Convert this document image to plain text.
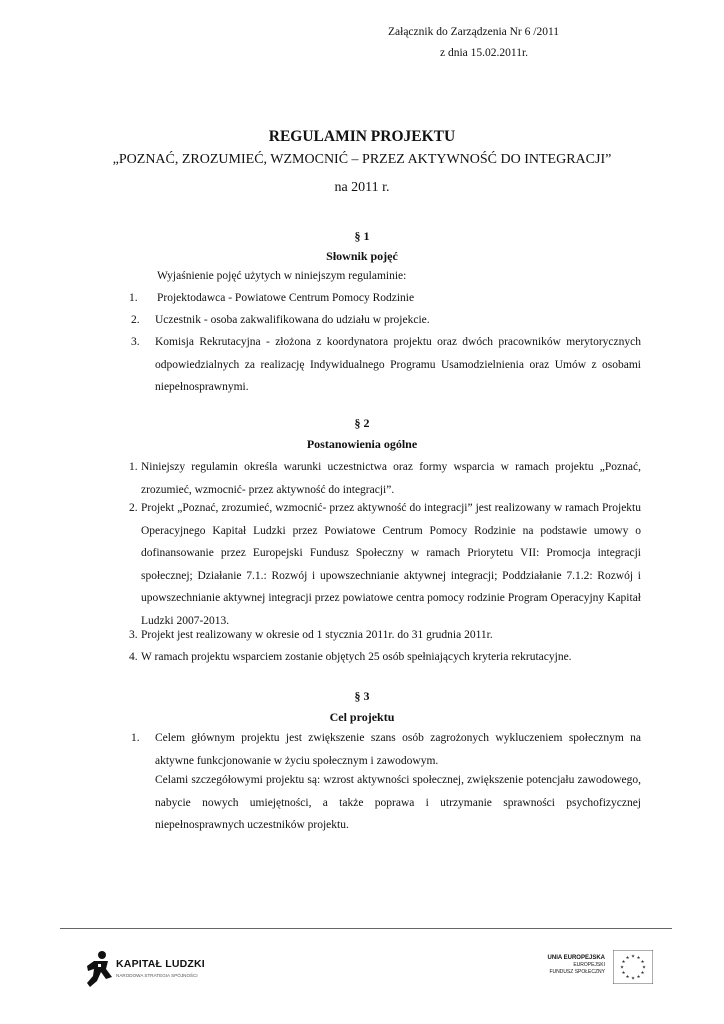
Załącznik do Zarządzenia Nr 6 /2011
z dnia 15.02.2011r.
REGULAMIN PROJEKTU
„POZNAĆ, ZROZUMIEĆ, WZMOCNIĆ – PRZEZ AKTYWNOŚĆ DO INTEGRACJI”
na 2011 r.
§ 1
Słownik pojęć
Wyjaśnienie pojęć użytych w niniejszym regulaminie:
1. Projektodawca - Powiatowe Centrum Pomocy Rodzinie
2. Uczestnik - osoba zakwalifikowana do udziału w projekcie.
3. Komisja Rekrutacyjna - złożona z koordynatora projektu oraz dwóch pracowników merytorycznych odpowiedzialnych za realizację Indywidualnego Programu Usamodzielnienia oraz Umów z osobami niepełnosprawnymi.
§ 2
Postanowienia ogólne
1. Niniejszy regulamin określa warunki uczestnictwa oraz formy wsparcia w ramach projektu „Poznać, zrozumieć, wzmocnić- przez aktywność do integracji”.
2. Projekt „Poznać, zrozumieć, wzmocnić- przez aktywność do integracji” jest realizowany w ramach Projektu Operacyjnego Kapitał Ludzki przez Powiatowe Centrum Pomocy Rodzinie na podstawie umowy o dofinansowanie przez Europejski Fundusz Społeczny w ramach Priorytetu VII: Promocja integracji społecznej; Działanie 7.1.: Rozwój i upowszechnianie aktywnej integracji; Poddziałanie 7.1.2: Rozwój i upowszechnianie aktywnej integracji przez powiatowe centra pomocy rodzinie Program Operacyjny Kapitał Ludzki 2007-2013.
3. Projekt jest realizowany w okresie od 1 stycznia 2011r. do 31 grudnia 2011r.
4. W ramach projektu wsparciem zostanie objętych 25 osób spełniających kryteria rekrutacyjne.
§ 3
Cel projektu
1. Celem głównym projektu jest zwiększenie szans osób zagrożonych wykluczeniem społecznym na aktywne funkcjonowanie w życiu społecznym i zawodowym.
Celami szczegółowymi projektu są: wzrost aktywności społecznej, zwiększenie potencjału zawodowego, nabycie nowych umiejętności, a także poprawa i utrzymanie sprawności psychofizycznej niepełnosprawnych uczestników projektu.
KAPITAŁ LUDZKI
NARODOWA STRATEGIA SPÓJNOŚCI
UNIA EUROPEJSKA
EUROPEJSKI
FUNDUSZ SPOŁECZNY
★
★
★
★
★
★
★
★
★ ★ ★
★
